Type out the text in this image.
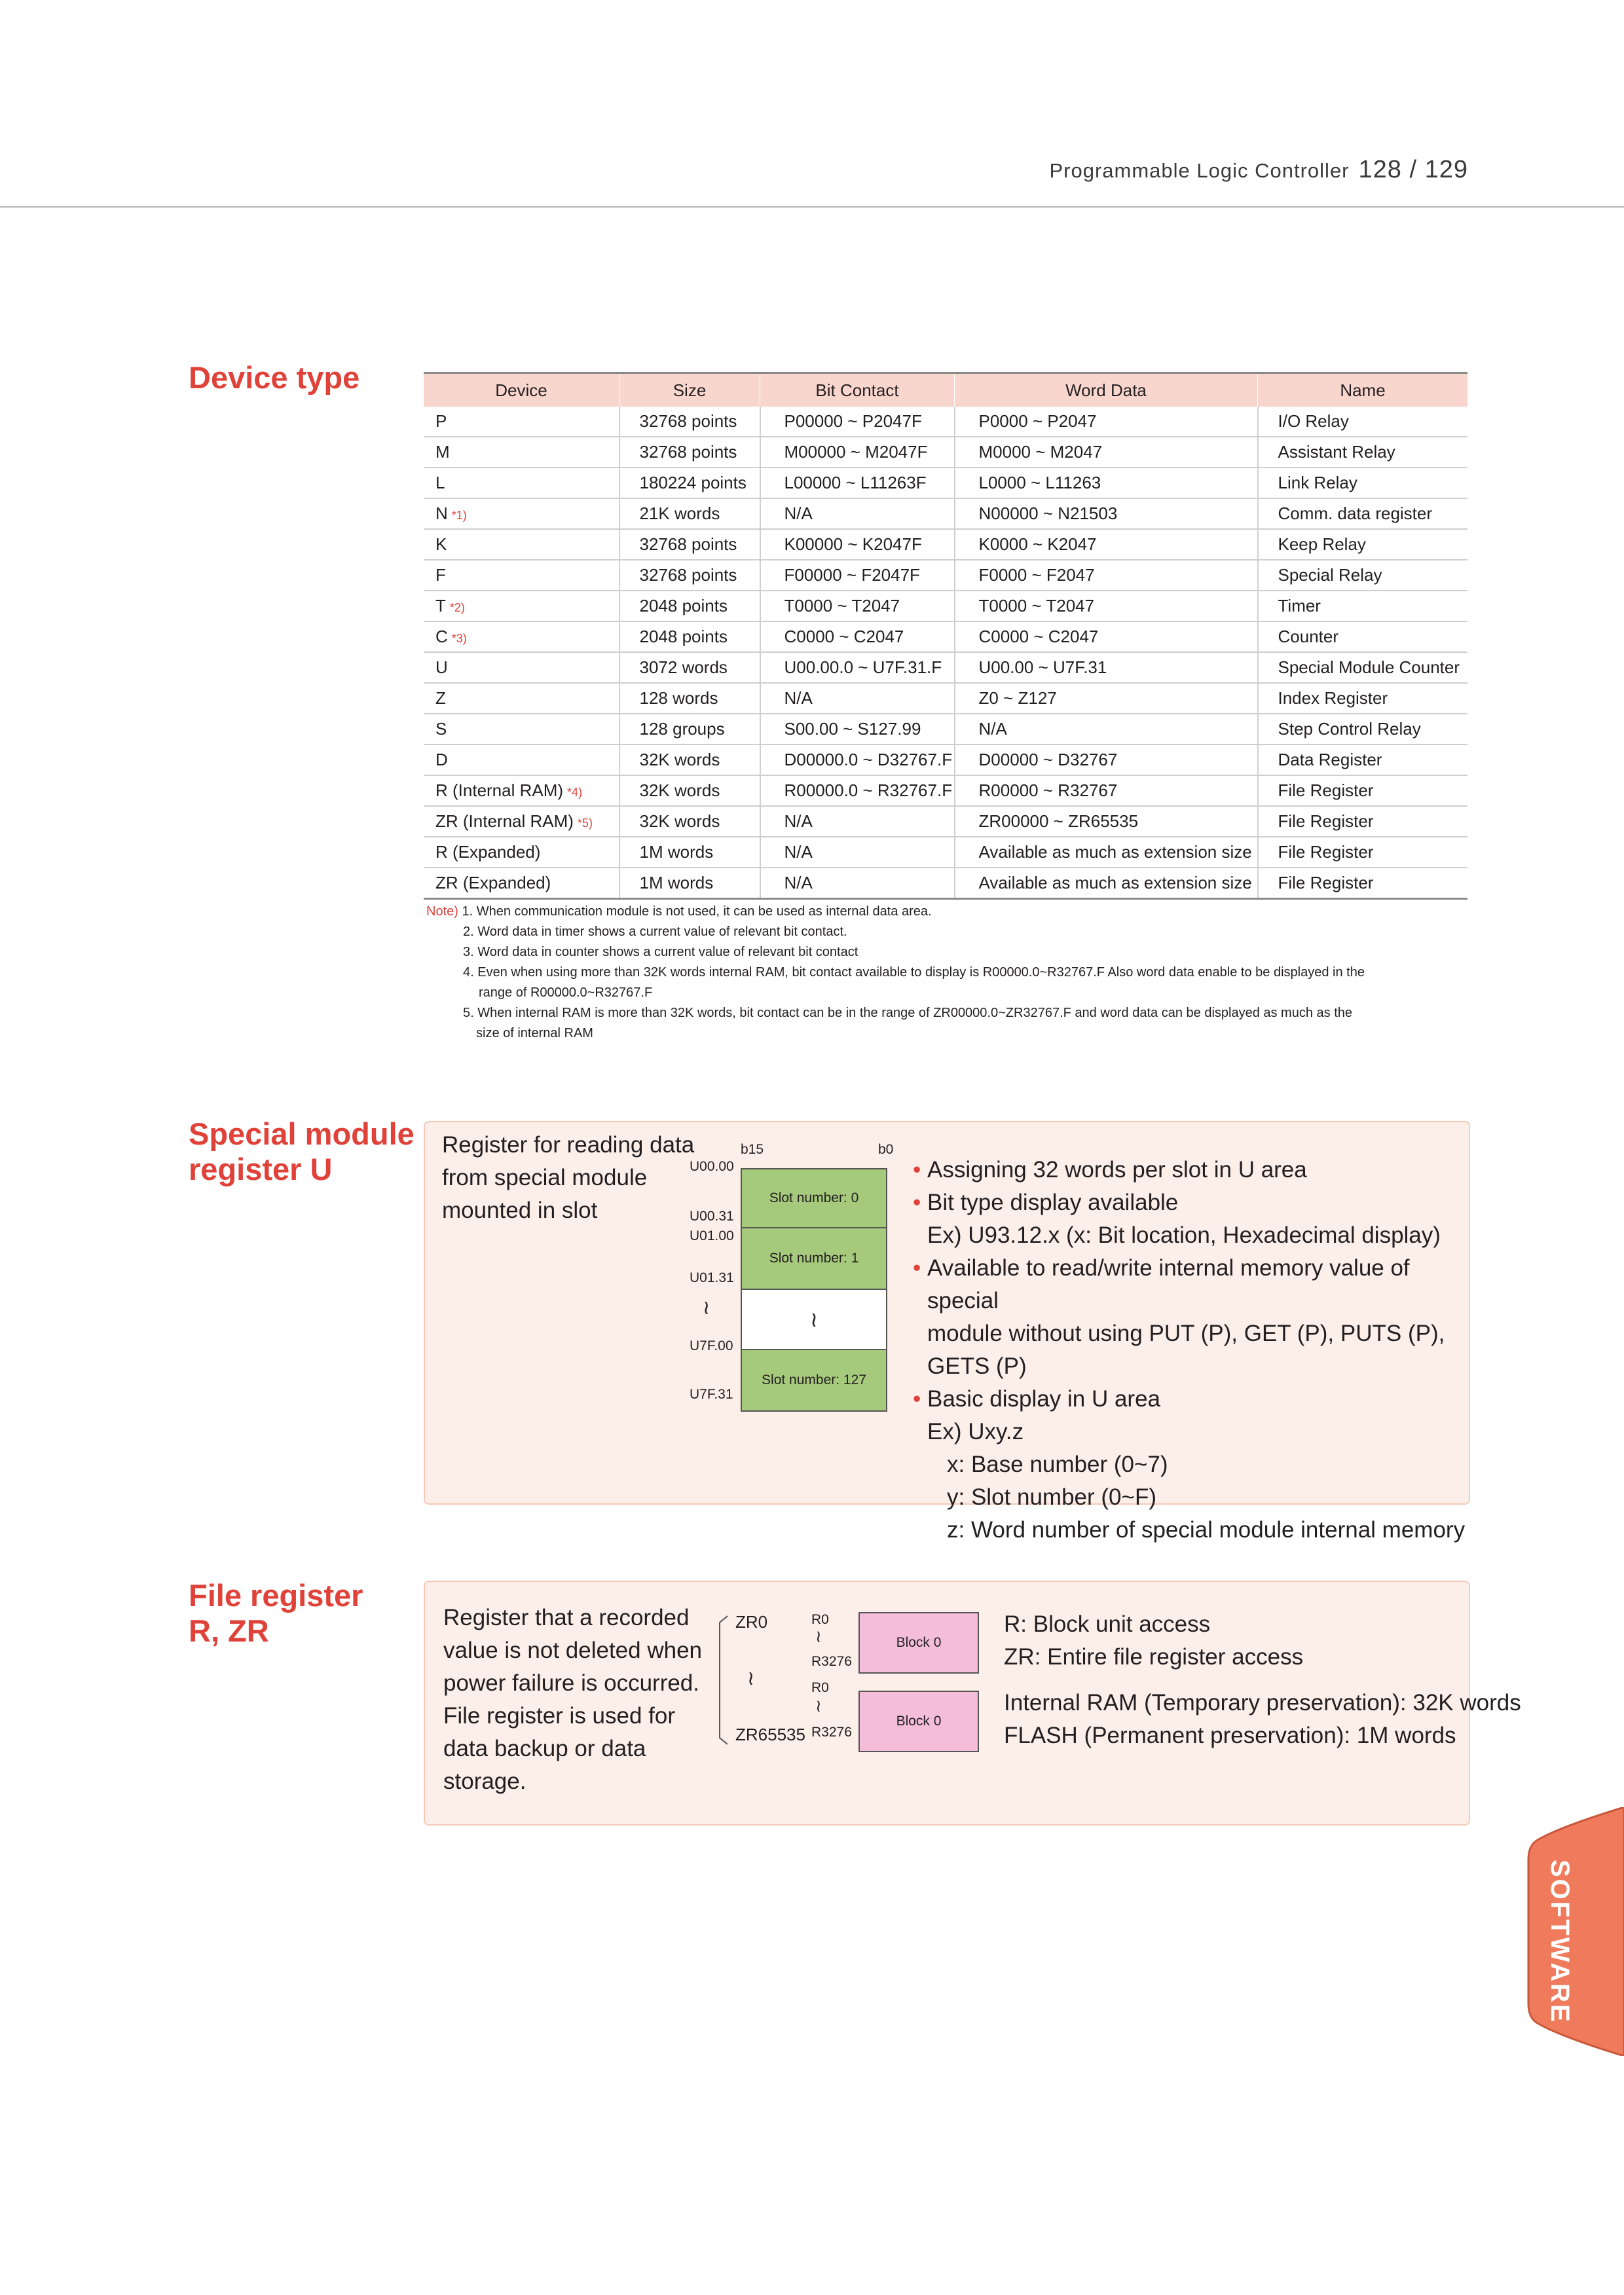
Programmable Logic Controller 128 / 129
Device type	Device	Size	Bit Contact	Word Data	Name
P	32768 points	P00000 ~ P2047F	P0000 ~ P2047	I/O Relay
M	32768 points	M00000 ~ M2047F	M0000 ~ M2047	Assistant Relay
L	180224 points	L00000 ~ L11263F	L0000 ~ L11263	Link Relay
N *1)	21K words	N/A	N00000 ~ N21503	Comm. data register
K	32768 points	K00000 ~ K2047F	K0000 ~ K2047	Keep Relay
F	32768 points	F00000 ~ F2047F	F0000 ~ F2047	Special Relay
T *2)	2048 points	T0000 ~ T2047	T0000 ~ T2047	Timer
C *3)	2048 points	C0000 ~ C2047	C0000 ~ C2047	Counter
U	3072 words	U00.00.0 ~ U7F.31.F	U00.00 ~ U7F.31	Special Module Counter
Z	128 words	N/A	Z0 ~ Z127	Index Register
S	128 groups	S00.00 ~ S127.99	N/A	Step Control Relay
D	32K words	D00000.0 ~ D32767.F	D00000 ~ D32767	Data Register
R (Internal RAM) *4)	32K words	R00000.0 ~ R32767.F	R00000 ~ R32767	File Register
ZR (Internal RAM) *5)	32K words	N/A	ZR00000 ~ ZR65535	File Register
R (Expanded)	1M words	N/A	Available as much as extension size	File Register
ZR (Expanded)	1M words	N/A	Available as much as extension size	File Register
Note) 1. When communication module is not used, it can be used as internal data area.
2. Word data in timer shows a current value of relevant bit contact.
3. Word data in counter shows a current value of relevant bit contact
4. Even when using more than 32K words internal RAM, bit contact available to display is R00000.0~R32767.F Also word data enable to be displayed in the
range of R00000.0~R32767.F
5. When internal RAM is more than 32K words, bit contact can be in the range of ZR00000.0~ZR32767.F and word data can be displayed as much as the
size of internal RAM
Special module
register U
Register for reading data
from special module
mounted in slot
b15	b0
U00.00
U00.31
U01.00
U01.31
≀
U7F.00
U7F.31
Slot number: 0
Slot number: 1
≀
Slot number: 127
• Assigning 32 words per slot in U area
• Bit type display available
Ex) U93.12.x (x: Bit location, Hexadecimal display)
• Available to read/write internal memory value of special
module without using PUT (P), GET (P), PUTS (P), GETS (P)
• Basic display in U area
Ex) Uxy.z
x: Base number (0~7)
y: Slot number (0~F)
z: Word number of special module internal memory
File register
R, ZR	Register that a recorded
value is not deleted when
power failure is occurred.
File register is used for
data backup or data
storage.
ZR0
≀
ZR65535
R0
≀
R3276
R0
≀
R3276
Block 0
Block 0
R: Block unit access
ZR: Entire file register access
Internal RAM (Temporary preservation): 32K words
FLASH (Permanent preservation): 1M words
SOFTWARE
